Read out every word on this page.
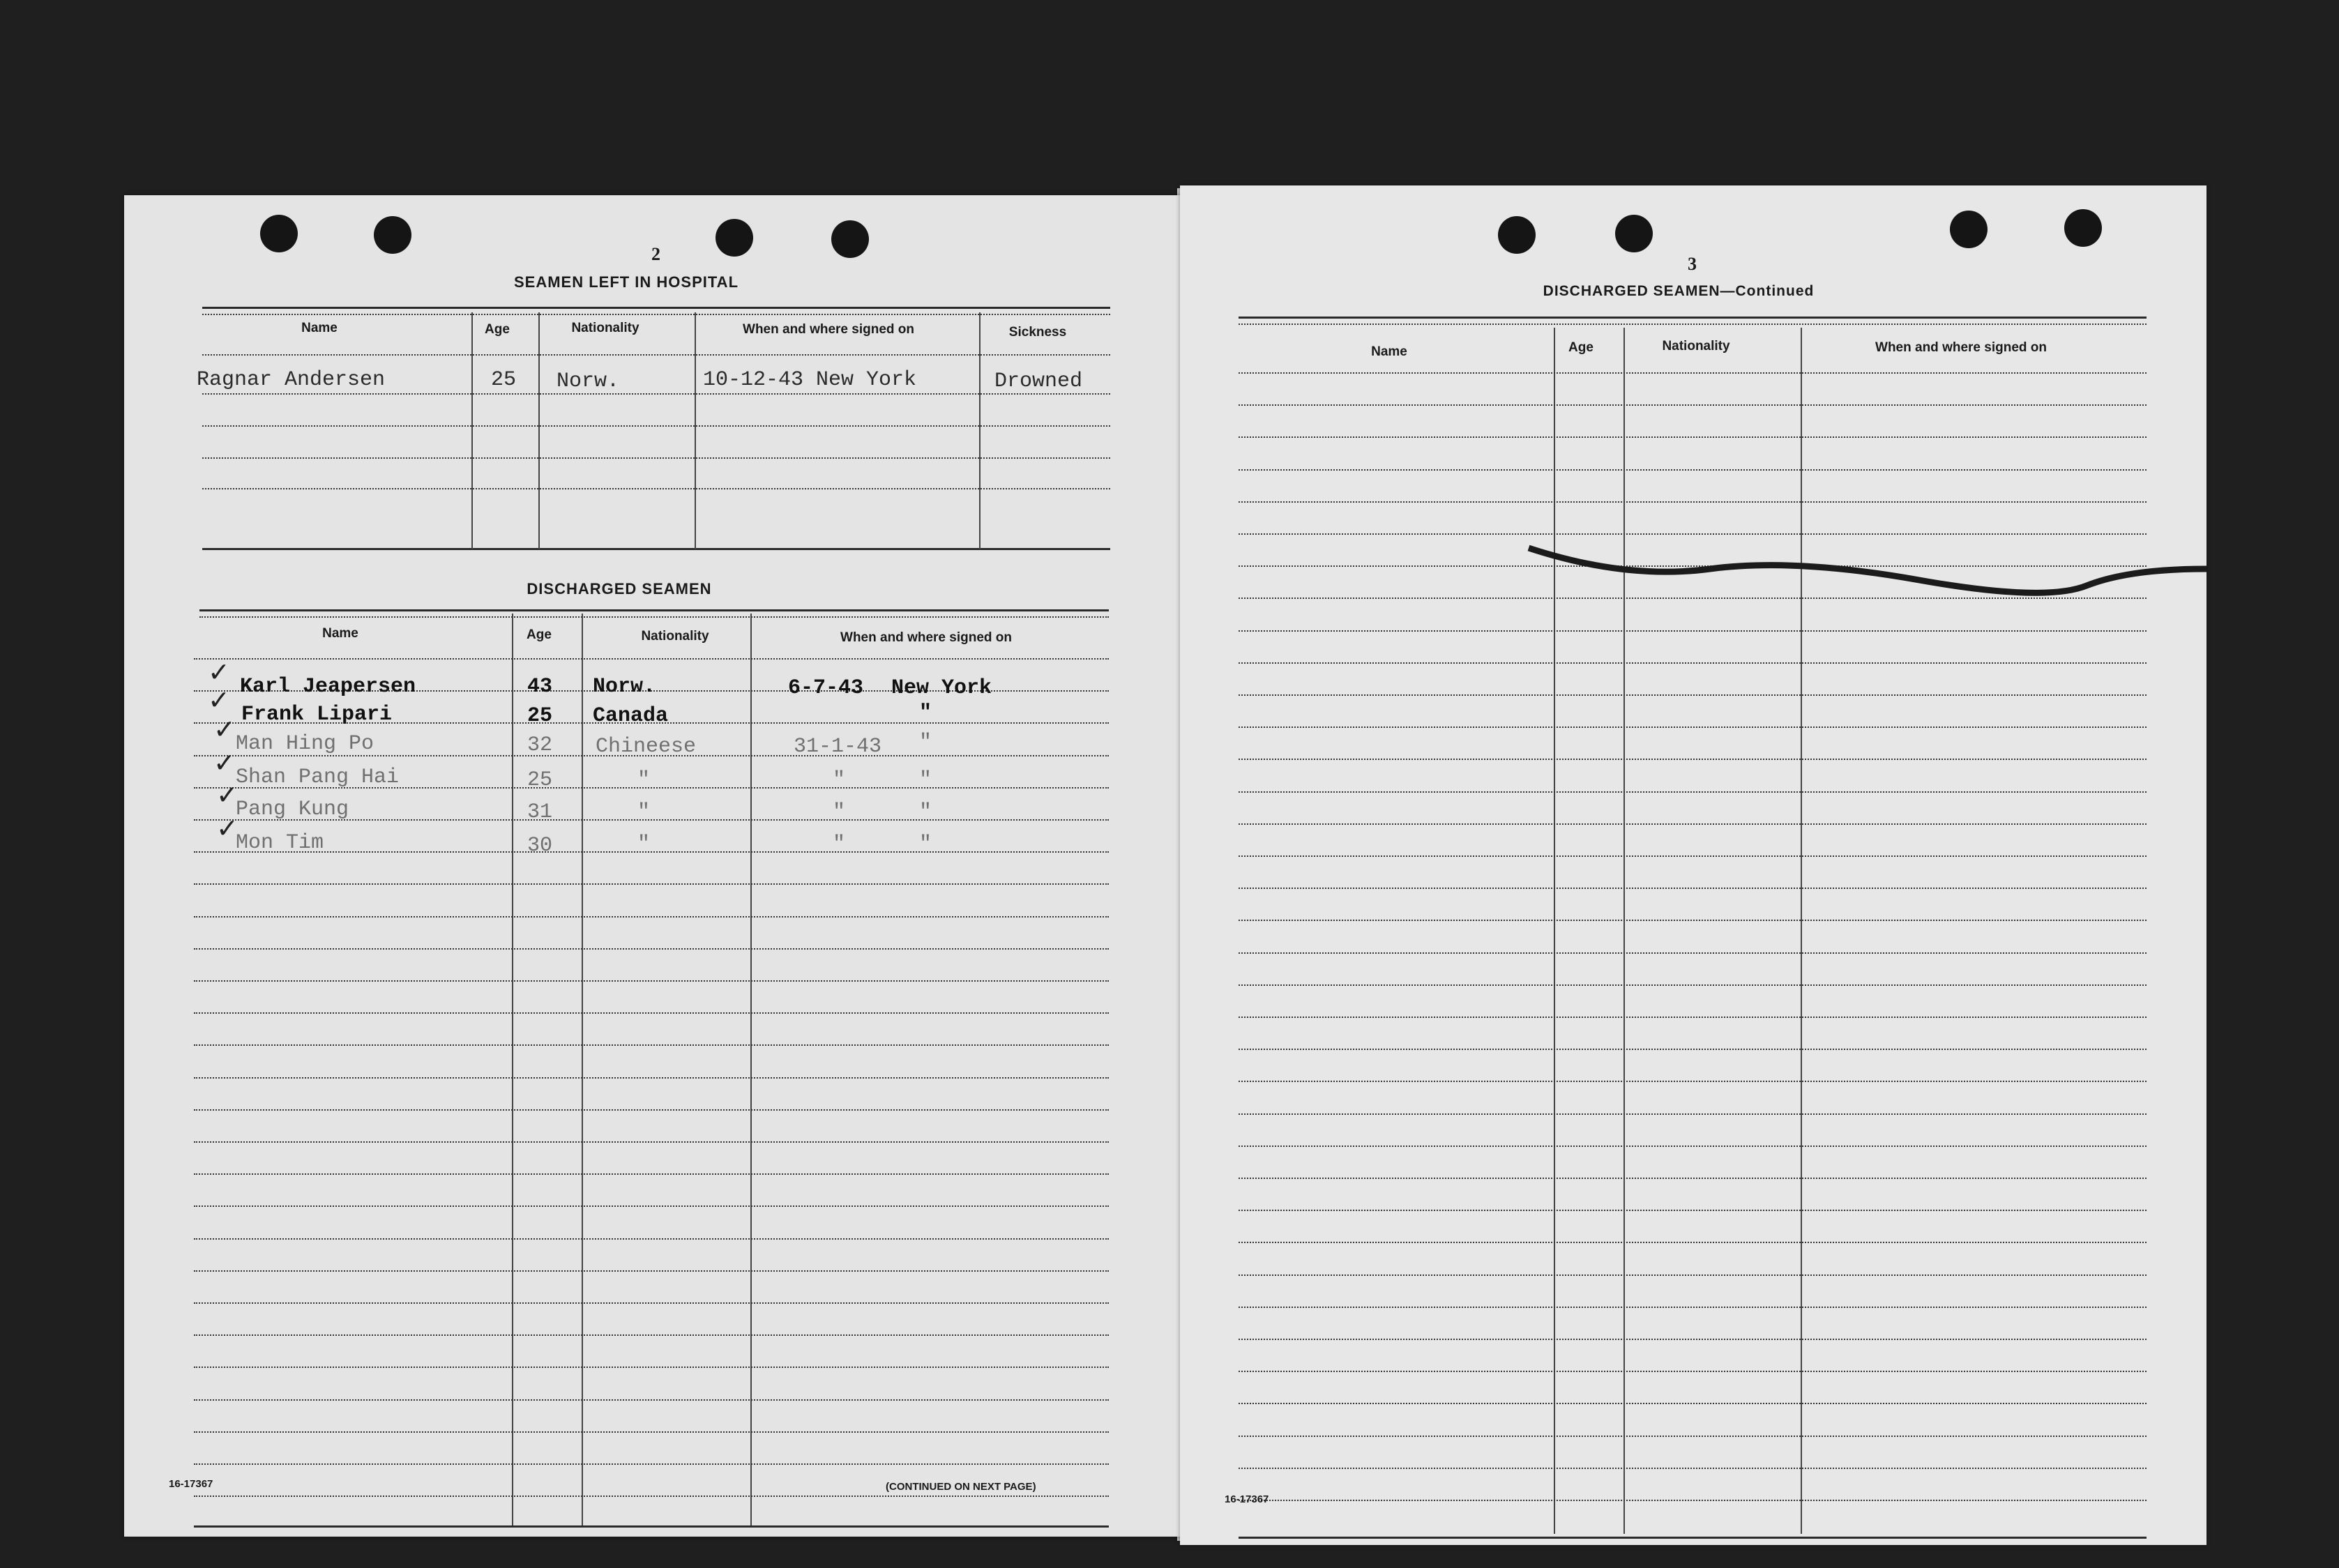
2
SEAMEN LEFT IN HOSPITAL
Name	Age	Nationality	When and where signed on	Sickness
Ragnar Andersen	25 Norw.	10-12-43 New York	Drowned
DISCHARGED SEAMEN
Name	Age	Nationality	When and where signed on
✓ Karl Jeapersen	43 Norw.	6-7-43 New York
✓ Frank Lipari	25 Canada	"
✓ Man Hing Po	32 Chineese	31-1-43 "
✓ Shan Pang Hai	25	"	"	"
✓
Pang Kung	31	"	"	"
✓
Mon Tim	30	"	"	"
16-17367	(CONTINUED ON NEXT PAGE)
3
DISCHARGED SEAMEN—Continued
Name	Age	Nationality	When and where signed on
16-17367
